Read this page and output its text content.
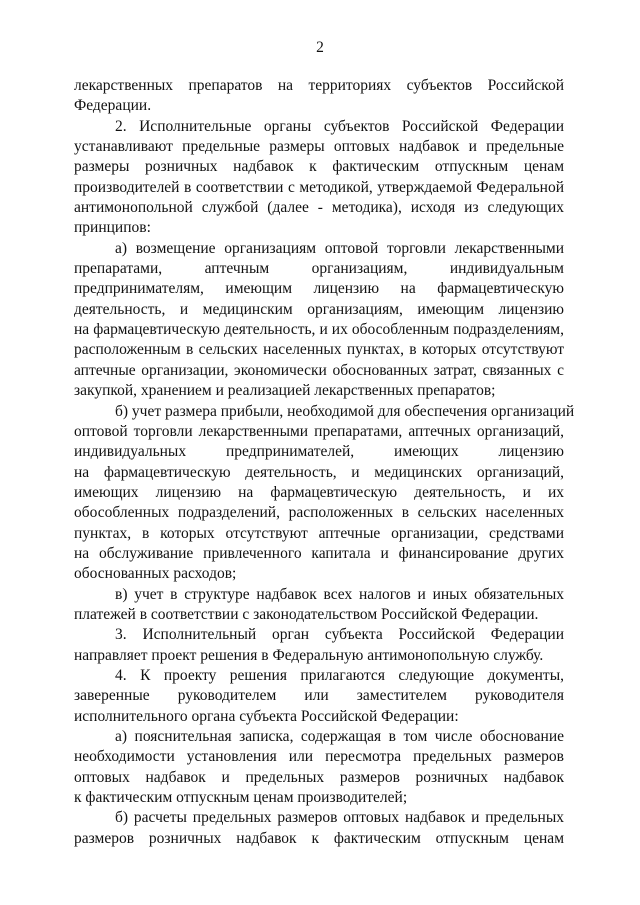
2
лекарственных препаратов на территориях субъектов Российской
Федерации.
2. Исполнительные органы субъектов Российской Федерации
устанавливают предельные размеры оптовых надбавок и предельные
размеры розничных надбавок к фактическим отпускным ценам
производителей в соответствии с методикой, утверждаемой Федеральной
антимонопольной службой (далее - методика), исходя из следующих
принципов:
а) возмещение организациям оптовой торговли лекарственными
препаратами, аптечным организациям, индивидуальным
предпринимателям, имеющим лицензию на фармацевтическую
деятельность, и медицинским организациям, имеющим лицензию
на фармацевтическую деятельность, и их обособленным подразделениям,
расположенным в сельских населенных пунктах, в которых отсутствуют
аптечные организации, экономически обоснованных затрат, связанных с
закупкой, хранением и реализацией лекарственных препаратов;
б) учет размера прибыли, необходимой для обеспечения организаций
оптовой торговли лекарственными препаратами, аптечных организаций,
индивидуальных предпринимателей, имеющих лицензию
на фармацевтическую деятельность, и медицинских организаций,
имеющих лицензию на фармацевтическую деятельность, и их
обособленных подразделений, расположенных в сельских населенных
пунктах, в которых отсутствуют аптечные организации, средствами
на обслуживание привлеченного капитала и финансирование других
обоснованных расходов;
в) учет в структуре надбавок всех налогов и иных обязательных
платежей в соответствии с законодательством Российской Федерации.
3. Исполнительный орган субъекта Российской Федерации
направляет проект решения в Федеральную антимонопольную службу.
4. К проекту решения прилагаются следующие документы,
заверенные руководителем или заместителем руководителя
исполнительного органа субъекта Российской Федерации:
а) пояснительная записка, содержащая в том числе обоснование
необходимости установления или пересмотра предельных размеров
оптовых надбавок и предельных размеров розничных надбавок
к фактическим отпускным ценам производителей;
б) расчеты предельных размеров оптовых надбавок и предельных
размеров розничных надбавок к фактическим отпускным ценам
